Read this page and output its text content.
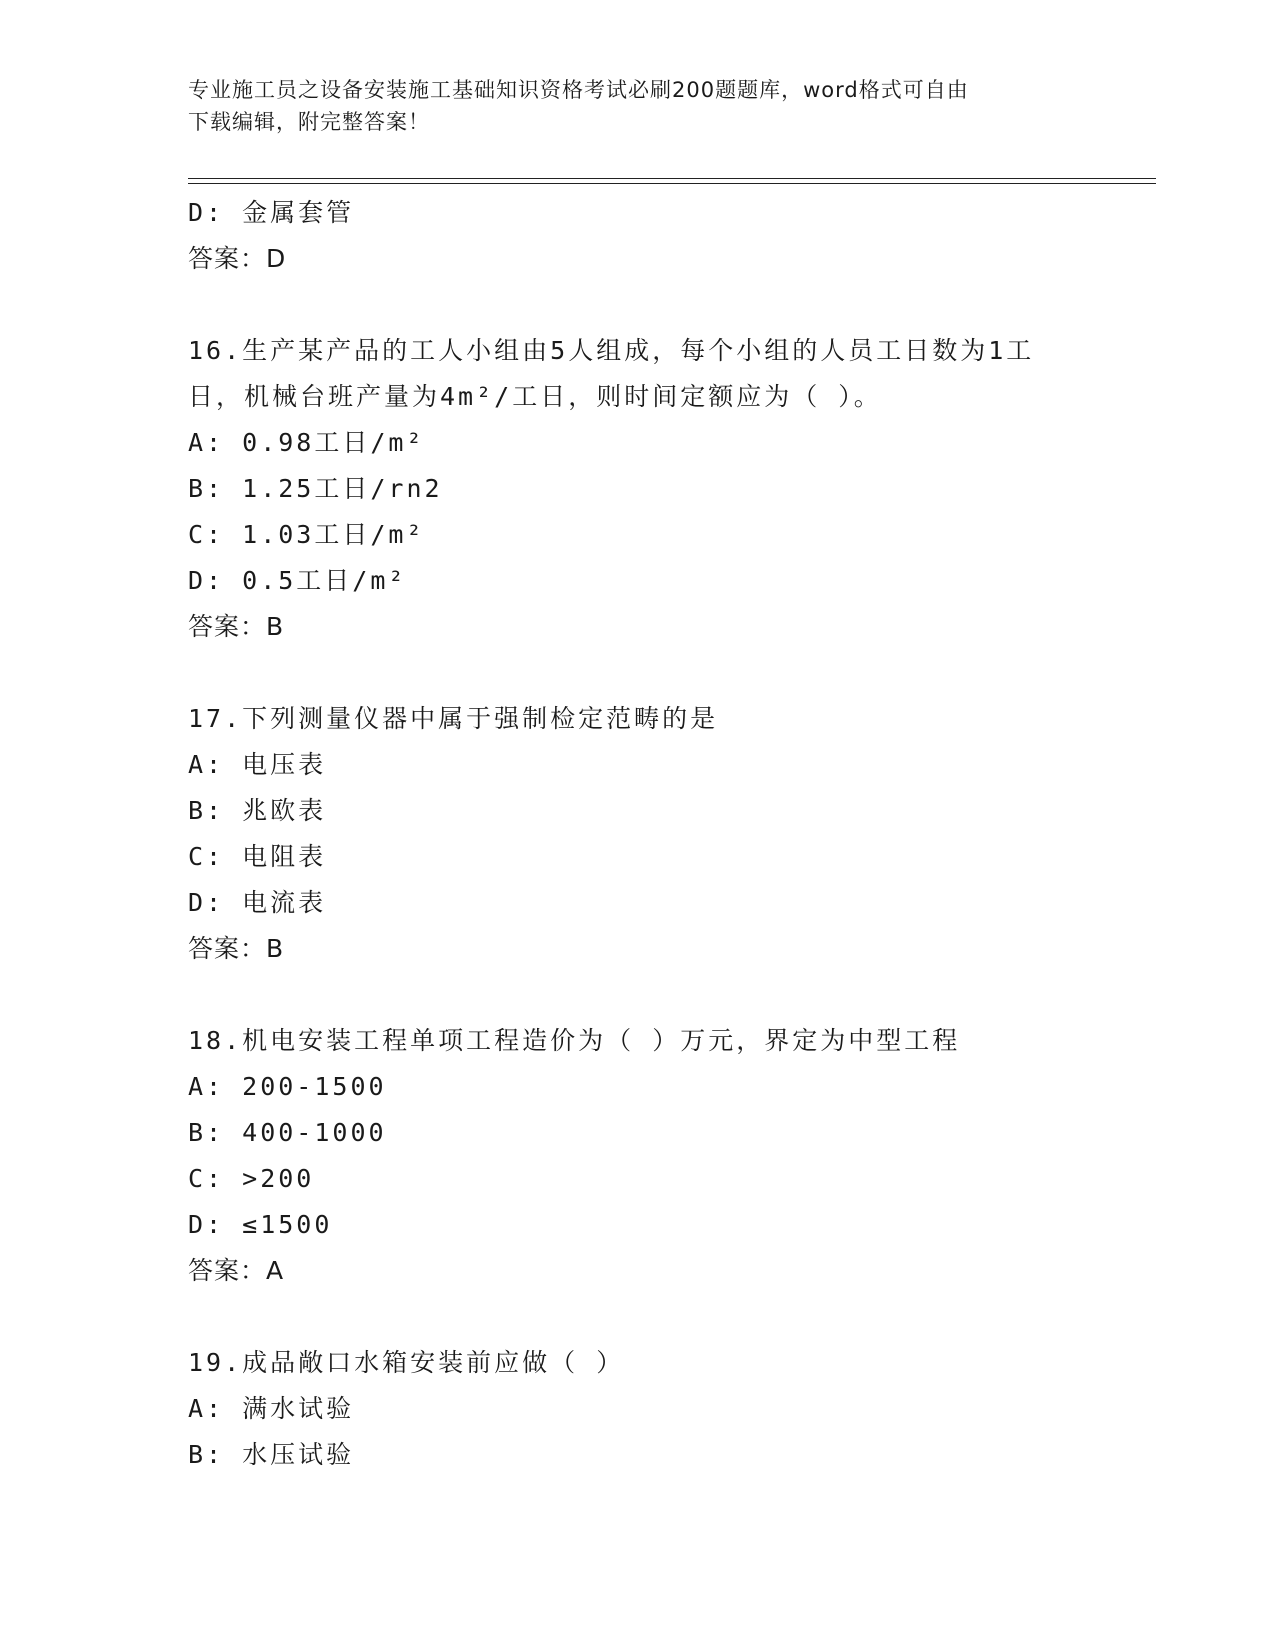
专业施工员之设备安装施工基础知识资格考试必刷200题题库，word格式可自由
下载编辑，附完整答案！
D: 金属套管
答案：D
16.生产某产品的工人小组由5人组成，每个小组的人员工日数为1工
日，机械台班产量为4m²/工日，则时间定额应为（ ）。
A: 0.98工日/m²
B: 1.25工日/rn2
C: 1.03工日/m²
D: 0.5工日/m²
答案：B
17.下列测量仪器中属于强制检定范畴的是
A: 电压表
B: 兆欧表
C: 电阻表
D: 电流表
答案：B
18.机电安装工程单项工程造价为（ ）万元，界定为中型工程
A: 200-1500
B: 400-1000
C: >200
D: ≤1500
答案：A
19.成品敞口水箱安装前应做（ ）
A: 满水试验
B: 水压试验
